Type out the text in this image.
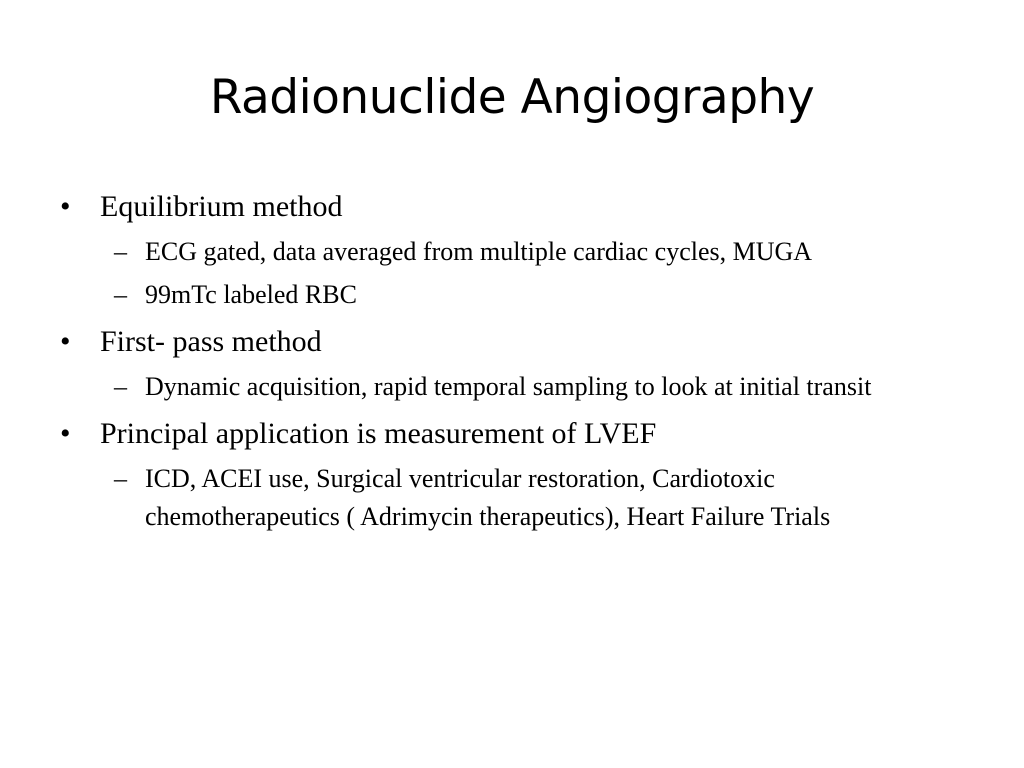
Radionuclide Angiography
• Equilibrium method
– ECG gated, data averaged from multiple cardiac cycles, MUGA
– 99mTc labeled RBC
• First- pass method
– Dynamic acquisition, rapid temporal sampling to look at initial transit
• Principal application is measurement of LVEF
– ICD, ACEI use, Surgical ventricular restoration, Cardiotoxic chemotherapeutics ( Adrimycin therapeutics), Heart Failure Trials
